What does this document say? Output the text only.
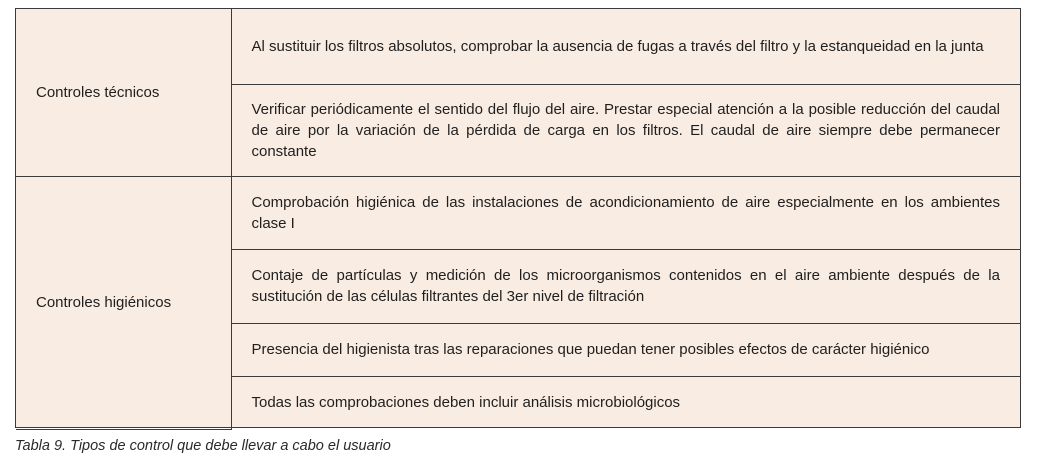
Controles técnicos	Al sustituir los filtros absolutos, comprobar la ausencia de fugas a través del filtro y la estanqueidad en la junta
	Verificar periódicamente el sentido del flujo del aire. Prestar especial atención a la posible reducción del caudal de aire por la variación de la pérdida de carga en los filtros. El caudal de aire siempre debe permanecer constante
Controles higiénicos	Comprobación higiénica de las instalaciones de acondicionamiento de aire especialmente en los ambientes clase I
	Contaje de partículas y medición de los microorganismos contenidos en el aire ambiente después de la sustitución de las células filtrantes del 3er nivel de filtración
	Presencia del higienista tras las reparaciones que puedan tener posibles efectos de carácter higiénico
	Todas las comprobaciones deben incluir análisis microbiológicos
Tabla 9. Tipos de control que debe llevar a cabo el usuario
